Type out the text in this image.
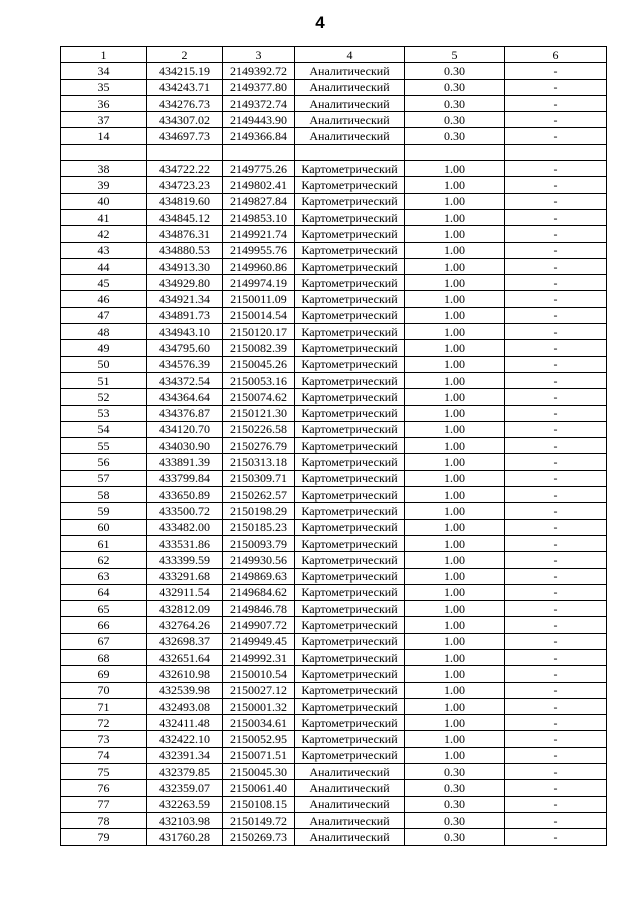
4
1	2	3	4	5	6
34	434215.19	2149392.72	Аналитический	0.30	-
35	434243.71	2149377.80	Аналитический	0.30	-
36	434276.73	2149372.74	Аналитический	0.30	-
37	434307.02	2149443.90	Аналитический	0.30	-
14	434697.73	2149366.84	Аналитический	0.30	-

38	434722.22	2149775.26	Картометрический	1.00	-
39	434723.23	2149802.41	Картометрический	1.00	-
40	434819.60	2149827.84	Картометрический	1.00	-
41	434845.12	2149853.10	Картометрический	1.00	-
42	434876.31	2149921.74	Картометрический	1.00	-
43	434880.53	2149955.76	Картометрический	1.00	-
44	434913.30	2149960.86	Картометрический	1.00	-
45	434929.80	2149974.19	Картометрический	1.00	-
46	434921.34	2150011.09	Картометрический	1.00	-
47	434891.73	2150014.54	Картометрический	1.00	-
48	434943.10	2150120.17	Картометрический	1.00	-
49	434795.60	2150082.39	Картометрический	1.00	-
50	434576.39	2150045.26	Картометрический	1.00	-
51	434372.54	2150053.16	Картометрический	1.00	-
52	434364.64	2150074.62	Картометрический	1.00	-
53	434376.87	2150121.30	Картометрический	1.00	-
54	434120.70	2150226.58	Картометрический	1.00	-
55	434030.90	2150276.79	Картометрический	1.00	-
56	433891.39	2150313.18	Картометрический	1.00	-
57	433799.84	2150309.71	Картометрический	1.00	-
58	433650.89	2150262.57	Картометрический	1.00	-
59	433500.72	2150198.29	Картометрический	1.00	-
60	433482.00	2150185.23	Картометрический	1.00	-
61	433531.86	2150093.79	Картометрический	1.00	-
62	433399.59	2149930.56	Картометрический	1.00	-
63	433291.68	2149869.63	Картометрический	1.00	-
64	432911.54	2149684.62	Картометрический	1.00	-
65	432812.09	2149846.78	Картометрический	1.00	-
66	432764.26	2149907.72	Картометрический	1.00	-
67	432698.37	2149949.45	Картометрический	1.00	-
68	432651.64	2149992.31	Картометрический	1.00	-
69	432610.98	2150010.54	Картометрический	1.00	-
70	432539.98	2150027.12	Картометрический	1.00	-
71	432493.08	2150001.32	Картометрический	1.00	-
72	432411.48	2150034.61	Картометрический	1.00	-
73	432422.10	2150052.95	Картометрический	1.00	-
74	432391.34	2150071.51	Картометрический	1.00	-
75	432379.85	2150045.30	Аналитический	0.30	-
76	432359.07	2150061.40	Аналитический	0.30	-
77	432263.59	2150108.15	Аналитический	0.30	-
78	432103.98	2150149.72	Аналитический	0.30	-
79	431760.28	2150269.73	Аналитический	0.30	-
